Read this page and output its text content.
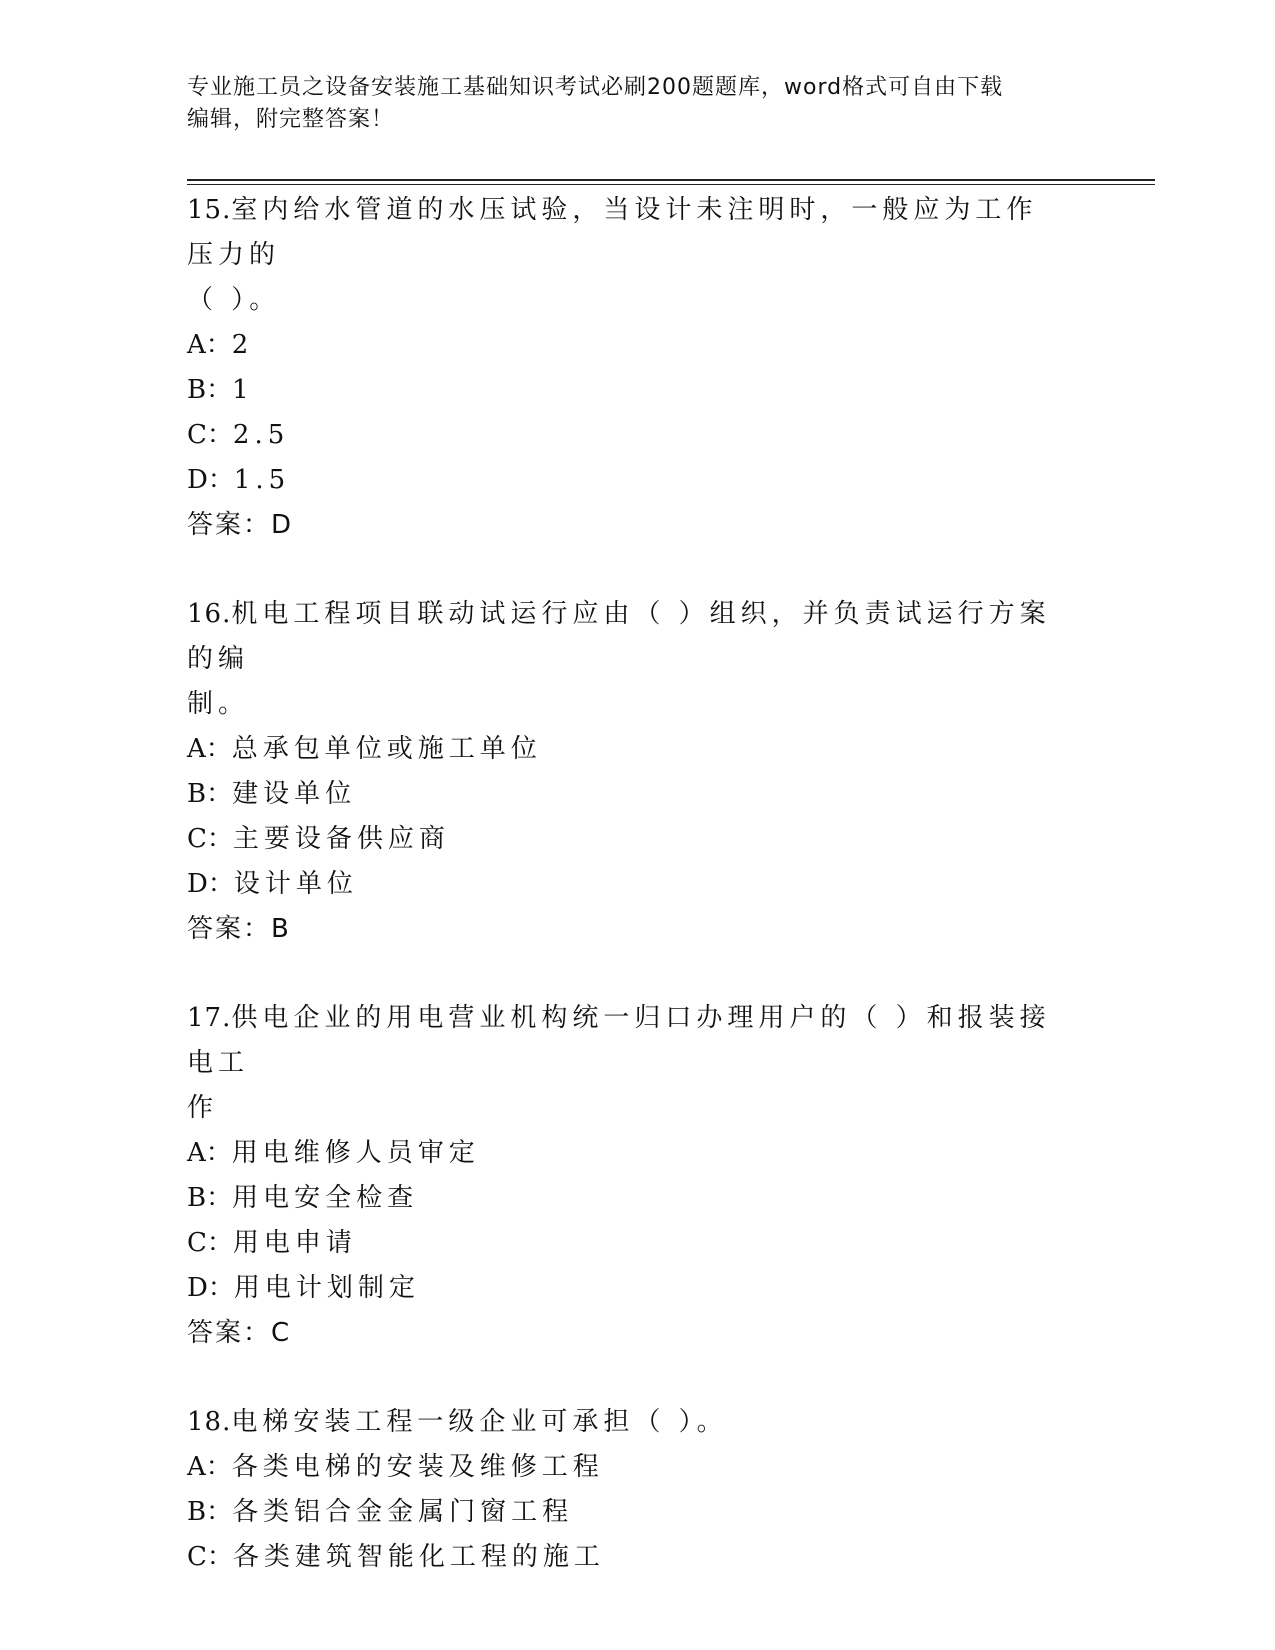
专业施工员之设备安装施工基础知识考试必刷200题题库，word格式可自由下载
编辑，附完整答案！
15.室内给水管道的水压试验，当设计未注明时，一般应为工作压力的
（ ）。
A：2
B：1
C：2.5
D：1.5
答案：D
16.机电工程项目联动试运行应由（ ）组织，并负责试运行方案的编
制。
A：总承包单位或施工单位
B：建设单位
C：主要设备供应商
D：设计单位
答案：B
17.供电企业的用电营业机构统一归口办理用户的（ ）和报装接电工
作
A：用电维修人员审定
B：用电安全检查
C：用电申请
D：用电计划制定
答案：C
18.电梯安装工程一级企业可承担（ ）。
A：各类电梯的安装及维修工程
B：各类铝合金金属门窗工程
C：各类建筑智能化工程的施工
